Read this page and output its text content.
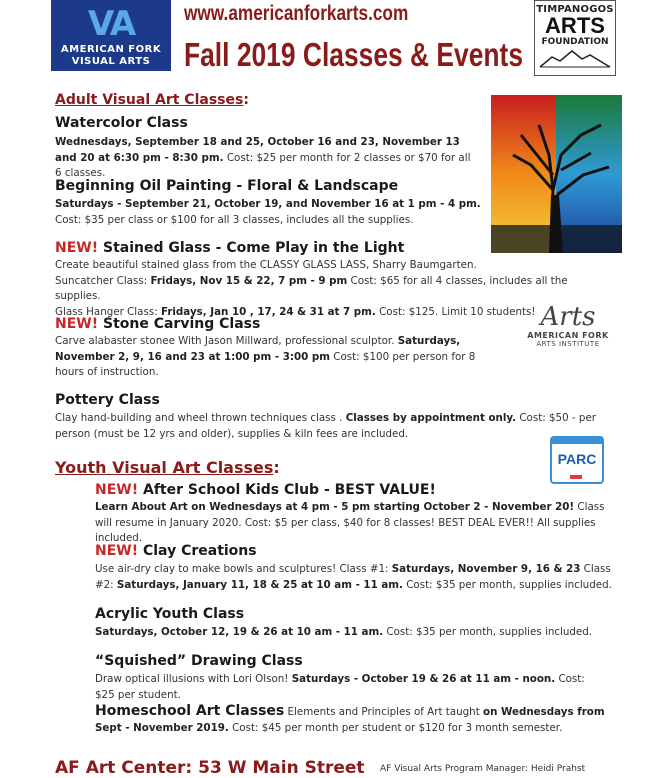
VA
AMERICAN FORK
VISUAL ARTS
www.americanforkarts.com
Fall 2019 Classes & Events
TIMPANOGOS
ARTS
FOUNDATION
Adult Visual Art Classes:
Watercolor Class
Wednesdays, September 18 and 25, October 16 and 23, November 13 and 20 at 6:30 pm - 8:30 pm. Cost: $25 per month for 2 classes or $70 for all 6 classes.
Beginning Oil Painting - Floral & Landscape
Saturdays - September 21, October 19, and November 16 at 1 pm - 4 pm.
Cost: $35 per class or $100 for all 3 classes, includes all the supplies.
NEW! Stained Glass - Come Play in the Light
Create beautiful stained glass from the CLASSY GLASS LASS, Sharry Baumgarten.
Suncatcher Class: Fridays, Nov 15 & 22, 7 pm - 9 pm Cost: $65 for all 4 classes, includes all the supplies.
Glass Hanger Class: Fridays, Jan 10 , 17, 24 & 31 at 7 pm. Cost: $125. Limit 10 students!
NEW! Stone Carving Class
Carve alabaster stonee With Jason Millward, professional sculptor. Saturdays, November 2, 9, 16 and 23 at 1:00 pm - 3:00 pm Cost: $100 per person for 8 hours of instruction.
Arts
AMERICAN FORK
ARTS INSTITUTE
Pottery Class
Clay hand-building and wheel thrown techniques class . Classes by appointment only. Cost: $50 - per person (must be 12 yrs and older), supplies & kiln fees are included.
PARC
Youth Visual Art Classes:
NEW! After School Kids Club - BEST VALUE!
Learn About Art on Wednesdays at 4 pm - 5 pm starting October 2 - November 20! Class will resume in January 2020. Cost: $5 per class, $40 for 8 classes! BEST DEAL EVER!! All supplies included.
NEW! Clay Creations
Use air-dry clay to make bowls and sculptures! Class #1: Saturdays, November 9, 16 & 23 Class #2: Saturdays, January 11, 18 & 25 at 10 am - 11 am. Cost: $35 per month, supplies included.
Acrylic Youth Class
Saturdays, October 12, 19 & 26 at 10 am - 11 am. Cost: $35 per month, supplies included.
“Squished” Drawing Class
Draw optical illusions with Lori Olson! Saturdays - October 19 & 26 at 11 am - noon. Cost: $25 per student.
Homeschool Art Classes Elements and Principles of Art taught on Wednesdays from Sept - November 2019. Cost: $45 per month per student or $120 for 3 month semester.
AF Art Center: 53 W Main Street AF Visual Arts Program Manager: Heidi Prahst
